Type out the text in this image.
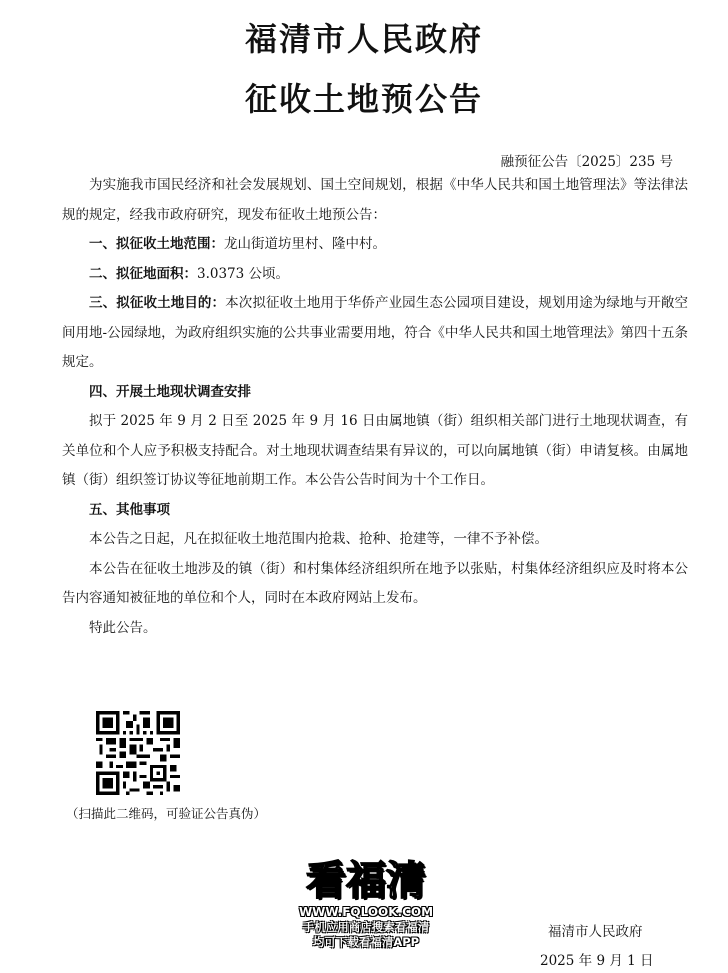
福清市人民政府
征收土地预公告
融预征公告〔2025〕235 号

为实施我市国民经济和社会发展规划、国土空间规划，根据《中华人民共和国土地管理法》等法律法规的规定，经我市政府研究，现发布征收土地预公告：

一、拟征收土地范围：龙山街道坊里村、隆中村。

二、拟征地面积：3.0373 公顷。

三、拟征收土地目的：本次拟征收土地用于华侨产业园生态公园项目建设，规划用途为绿地与开敞空间用地-公园绿地，为政府组织实施的公共事业需要用地，符合《中华人民共和国土地管理法》第四十五条规定。

四、开展土地现状调查安排

拟于 2025 年 9 月 2 日至 2025 年 9 月 16 日由属地镇（街）组织相关部门进行土地现状调查，有关单位和个人应予积极支持配合。对土地现状调查结果有异议的，可以向属地镇（街）申请复核。由属地镇（街）组织签订协议等征地前期工作。本公告公告时间为十个工作日。

五、其他事项

本公告之日起，凡在拟征收土地范围内抢栽、抢种、抢建等，一律不予补偿。

本公告在征收土地涉及的镇（街）和村集体经济组织所在地予以张贴，村集体经济组织应及时将本公告内容通知被征地的单位和个人，同时在本政府网站上发布。

特此公告。

（扫描此二维码，可验证公告真伪）
看福清
WWW.FQLOOK.COM
手机应用商店搜索看福清
均可下载看福清APP
福清市人民政府
2025 年 9 月 1 日
